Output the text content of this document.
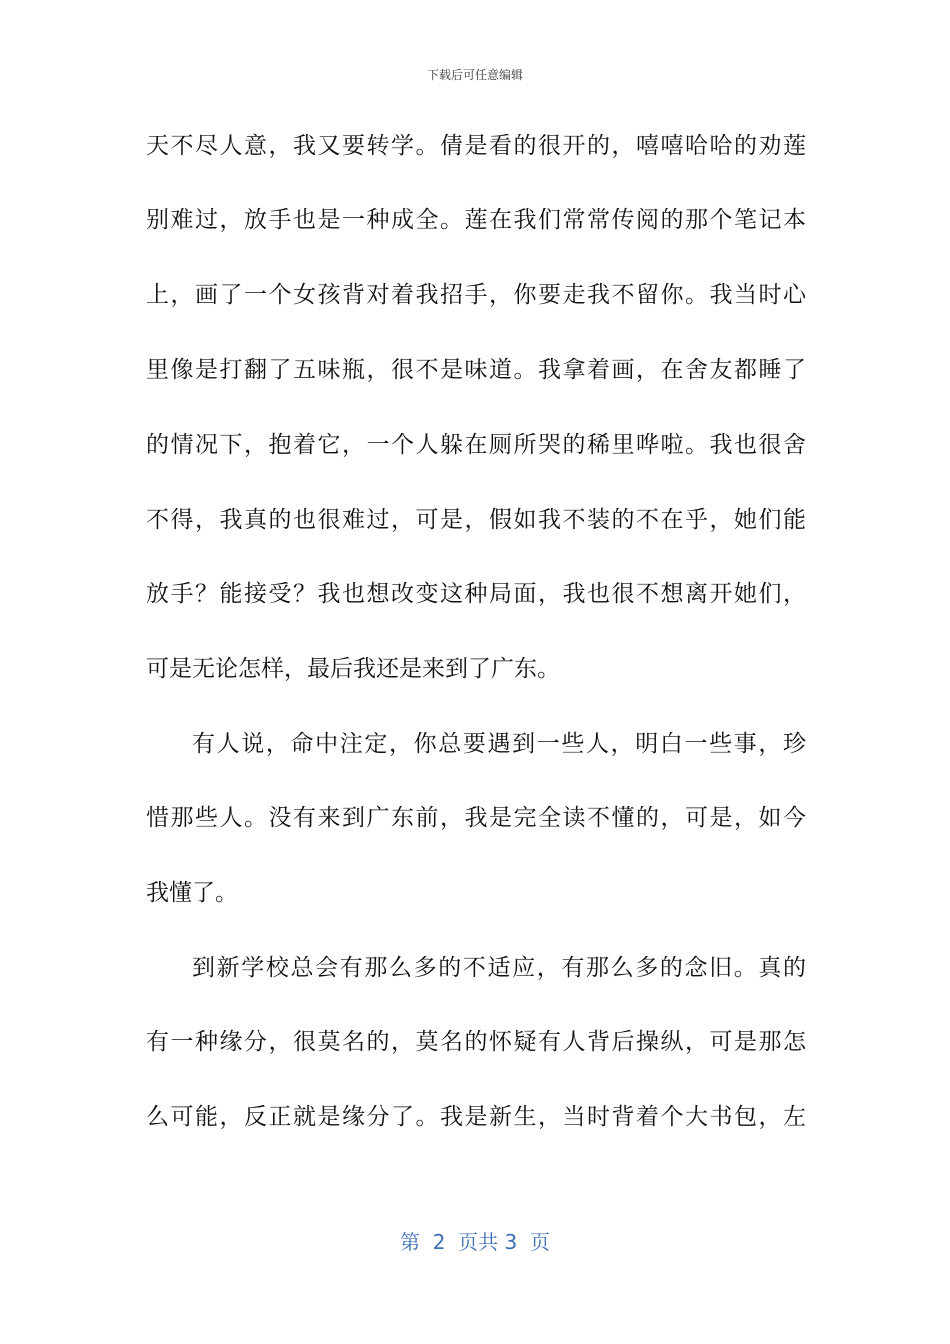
下载后可任意编辑
天不尽人意，我又要转学。倩是看的很开的，嘻嘻哈哈的劝莲
别难过，放手也是一种成全。莲在我们常常传阅的那个笔记本
上，画了一个女孩背对着我招手，你要走我不留你。我当时心
里像是打翻了五味瓶，很不是味道。我拿着画，在舍友都睡了
的情况下，抱着它，一个人躲在厕所哭的稀里哗啦。我也很舍
不得，我真的也很难过，可是，假如我不装的不在乎，她们能
放手？能接受？我也想改变这种局面，我也很不想离开她们，
可是无论怎样，最后我还是来到了广东。
有人说，命中注定，你总要遇到一些人，明白一些事，珍
惜那些人。没有来到广东前，我是完全读不懂的，可是，如今
我懂了。
到新学校总会有那么多的不适应，有那么多的念旧。真的
有一种缘分，很莫名的，莫名的怀疑有人背后操纵，可是那怎
么可能，反正就是缘分了。我是新生，当时背着个大书包，左
第  2  页共 3  页
